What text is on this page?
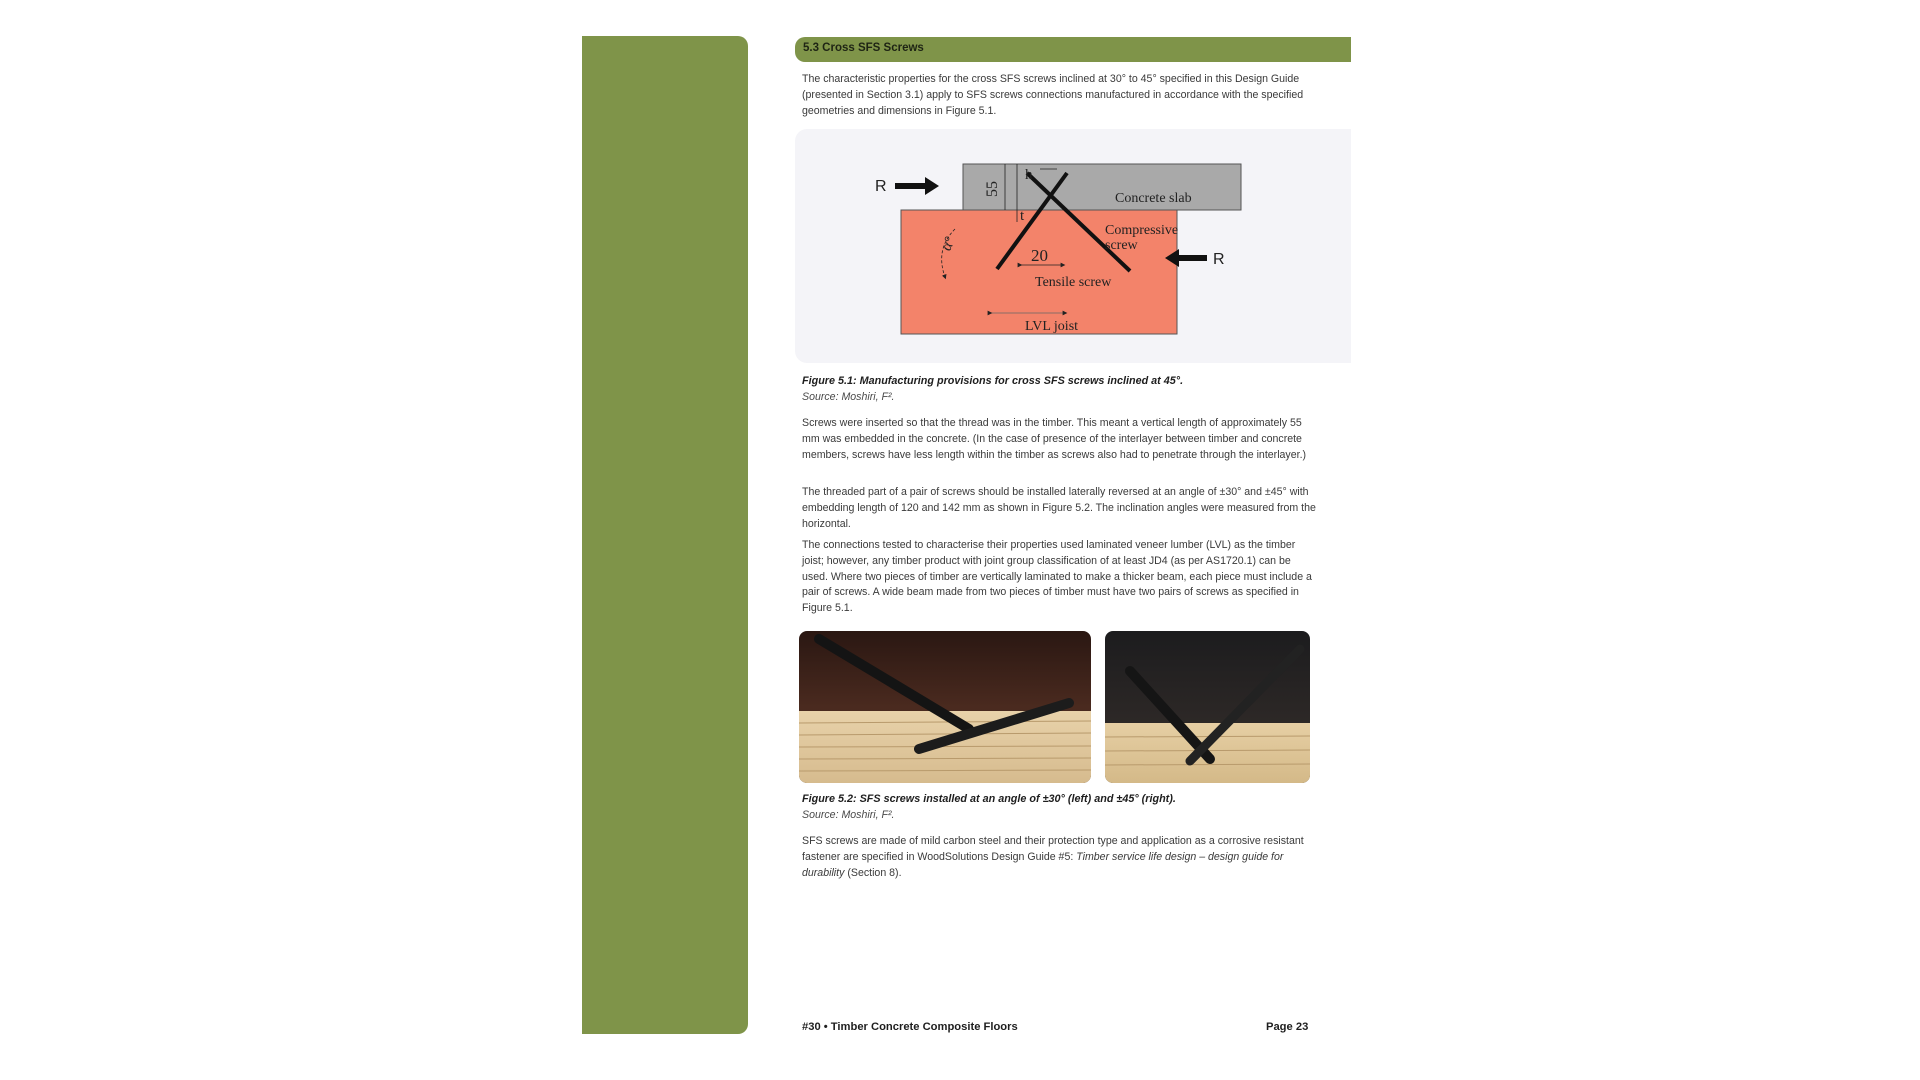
5.3 Cross SFS Screws

The characteristic properties for the cross SFS screws inclined at 30° to 45° specified in this Design Guide (presented in Section 3.1) apply to SFS screws connections manufactured in accordance with the specified geometries and dimensions in Figure 5.1.

R
R
55
h
t
20
α°
Concrete slab
Compressive
screw
Tensile screw
LVL joist
Figure 5.1: Manufacturing provisions for cross SFS screws inclined at 45°.
Source: Moshiri, F².

Screws were inserted so that the thread was in the timber. This meant a vertical length of approximately 55 mm was embedded in the concrete. (In the case of presence of the interlayer between timber and concrete members, screws have less length within the timber as screws also had to penetrate through the interlayer.)

The threaded part of a pair of screws should be installed laterally reversed at an angle of ±30° and ±45° with embedding length of 120 and 142 mm as shown in Figure 5.2. The inclination angles were measured from the horizontal.

The connections tested to characterise their properties used laminated veneer lumber (LVL) as the timber joist; however, any timber product with joint group classification of at least JD4 (as per AS1720.1) can be used. Where two pieces of timber are vertically laminated to make a thicker beam, each piece must include a pair of screws. A wide beam made from two pieces of timber must have two pairs of screws as specified in Figure 5.1.

Figure 5.2: SFS screws installed at an angle of ±30° (left) and ±45° (right).
Source: Moshiri, F².

SFS screws are made of mild carbon steel and their protection type and application as a corrosive resistant fastener are specified in WoodSolutions Design Guide #5: Timber service life design – design guide for durability (Section 8).

#30 • Timber Concrete Composite Floors	Page 23
